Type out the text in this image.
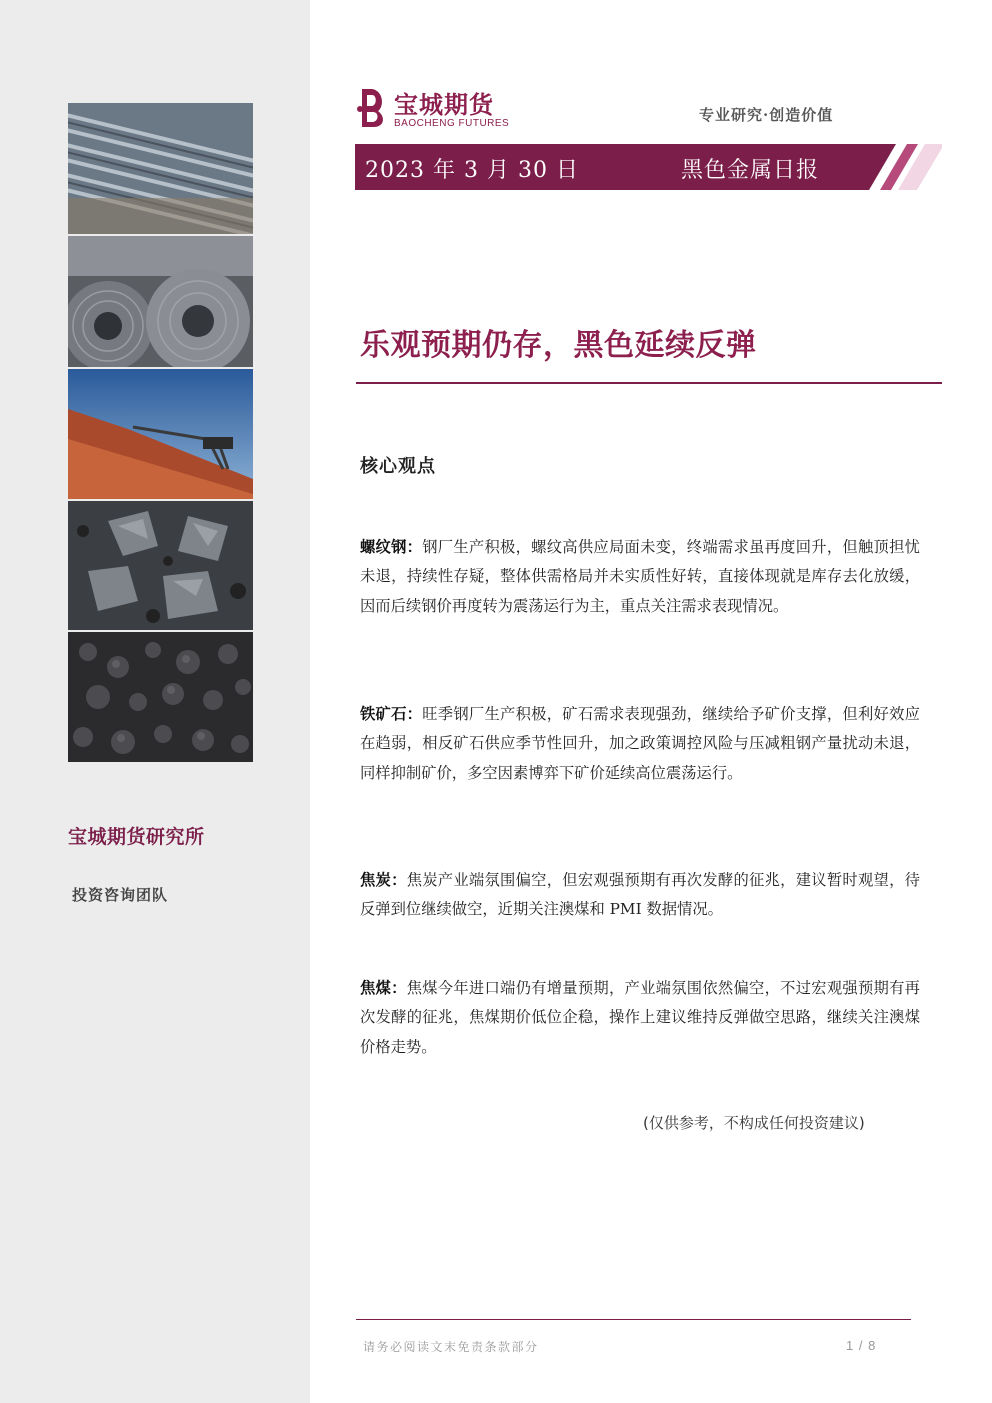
宝城期货研究所
投资咨询团队
宝城期货
BAOCHENG FUTURES	专业研究·创造价值
2023 年 3 月 30 日	黑色金属日报
乐观预期仍存，黑色延续反弹
核心观点
螺纹钢：钢厂生产积极，螺纹高供应局面未变，终端需求虽再度回升，但触顶担忧未退，持续性存疑，整体供需格局并未实质性好转，直接体现就是库存去化放缓，因而后续钢价再度转为震荡运行为主，重点关注需求表现情况。
铁矿石：旺季钢厂生产积极，矿石需求表现强劲，继续给予矿价支撑，但利好效应在趋弱，相反矿石供应季节性回升，加之政策调控风险与压减粗钢产量扰动未退，同样抑制矿价，多空因素博弈下矿价延续高位震荡运行。
焦炭：焦炭产业端氛围偏空，但宏观强预期有再次发酵的征兆，建议暂时观望，待反弹到位继续做空，近期关注澳煤和 PMI 数据情况。
焦煤：焦煤今年进口端仍有增量预期，产业端氛围依然偏空，不过宏观强预期有再次发酵的征兆，焦煤期价低位企稳，操作上建议维持反弹做空思路，继续关注澳煤价格走势。
(仅供参考，不构成任何投资建议)
请务必阅读文末免责条款部分	1 / 8
